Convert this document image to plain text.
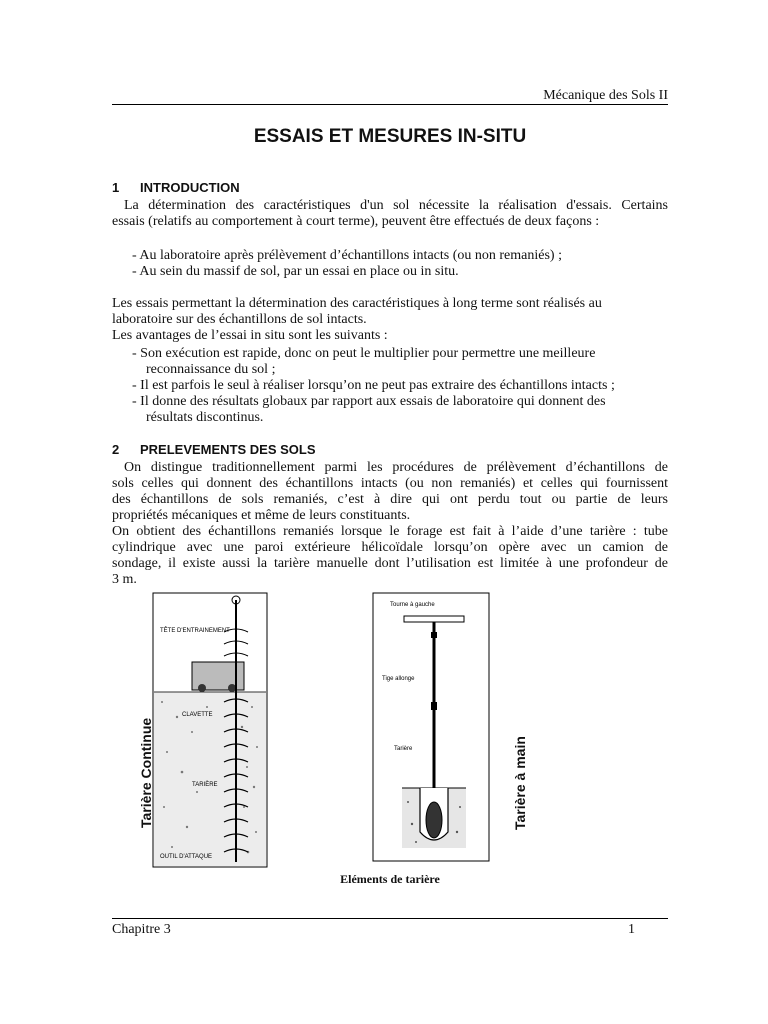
Mécanique des Sols II
ESSAIS ET MESURES IN-SITU
1 INTRODUCTION
La détermination des caractéristiques d'un sol nécessite la réalisation d'essais. Certains
essais (relatifs au comportement à court terme), peuvent être effectués de deux façons :
- Au laboratoire après prélèvement d’échantillons intacts (ou non remaniés) ;
- Au sein du massif de sol, par un essai en place ou in situ.
Les essais permettant la détermination des caractéristiques à long terme sont réalisés au
laboratoire sur des échantillons de sol intacts.
Les avantages de l’essai in situ sont les suivants :
- Son exécution est rapide, donc on peut le multiplier pour permettre une meilleure
reconnaissance du sol ;
- Il est parfois le seul à réaliser lorsqu’on ne peut pas extraire des échantillons intacts ;
- Il donne des résultats globaux par rapport aux essais de laboratoire qui donnent des
résultats discontinus.
2 PRELEVEMENTS DES SOLS
On distingue traditionnellement parmi les procédures de prélèvement d’échantillons de
sols celles qui donnent des échantillons intacts (ou non remaniés) et celles qui fournissent
des échantillons de sols remaniés, c’est à dire qui ont perdu tout ou partie de leurs
propriétés mécaniques et même de leurs constituants.
On obtient des échantillons remaniés lorsque le forage est fait à l’aide d’une tarière : tube
cylindrique avec une paroi extérieure hélicoïdale lorsqu’on opère avec un camion de
sondage, il existe aussi la tarière manuelle dont l’utilisation est limitée à une profondeur de
3 m.
TÊTE D'ENTRAINEMENT
CLAVETTE
TARIÈRE
OUTIL D'ATTAQUE
Tarière Continue
Tourne à gauche
Tige allonge
Tarière	Tarière à main
Eléments de tarière
Chapitre 3	1
